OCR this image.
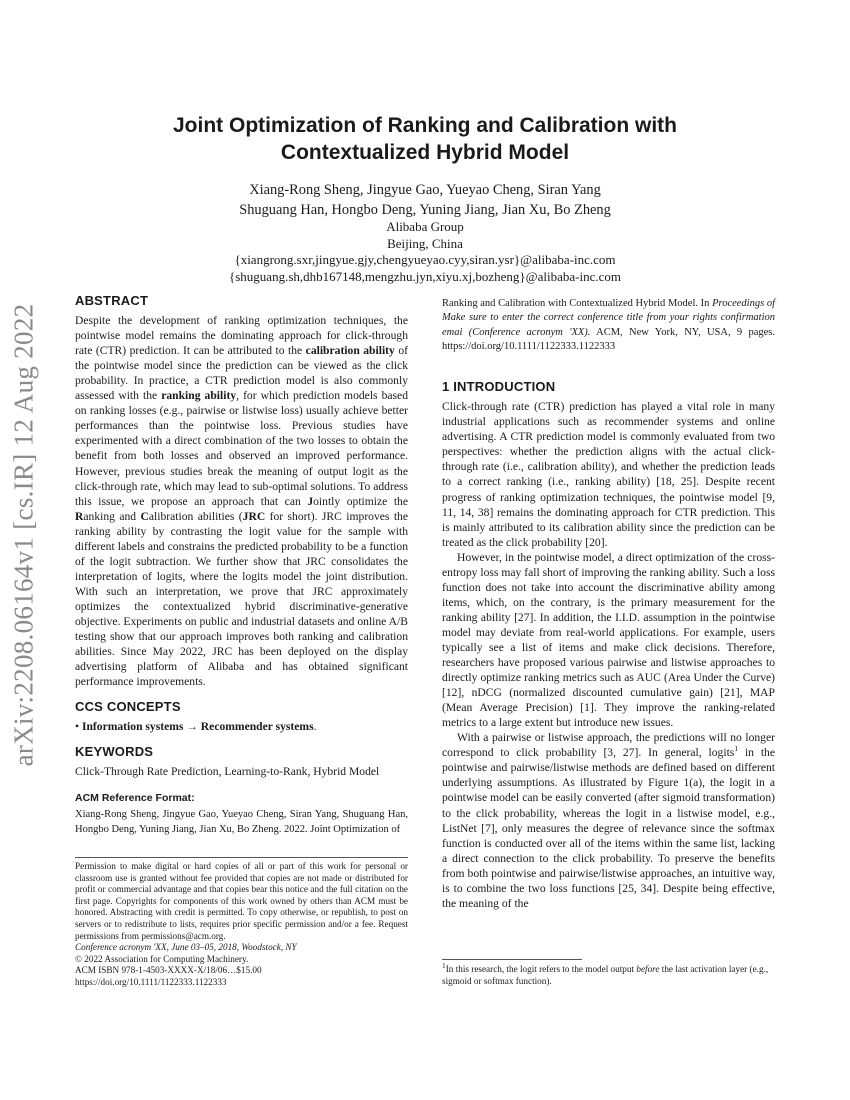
arXiv:2208.06164v1 [cs.IR] 12 Aug 2022
Joint Optimization of Ranking and Calibration with
Contextualized Hybrid Model
Xiang-Rong Sheng, Jingyue Gao, Yueyao Cheng, Siran Yang
Shuguang Han, Hongbo Deng, Yuning Jiang, Jian Xu, Bo Zheng
Alibaba Group
Beijing, China
{xiangrong.sxr,jingyue.gjy,chengyueyao.cyy,siran.ysr}@alibaba-inc.com
{shuguang.sh,dhb167148,mengzhu.jyn,xiyu.xj,bozheng}@alibaba-inc.com
ABSTRACT

Despite the development of ranking optimization techniques, the pointwise model remains the dominating approach for click-through rate (CTR) prediction. It can be attributed to the calibration ability of the pointwise model since the prediction can be viewed as the click probability. In practice, a CTR prediction model is also commonly assessed with the ranking ability, for which prediction models based on ranking losses (e.g., pairwise or listwise loss) usually achieve better performances than the pointwise loss. Previous studies have experimented with a direct combination of the two losses to obtain the benefit from both losses and observed an improved performance. However, previous studies break the meaning of output logit as the click-through rate, which may lead to sub-optimal solutions. To address this issue, we propose an approach that can Jointly optimize the Ranking and Calibration abilities (JRC for short). JRC improves the ranking ability by contrasting the logit value for the sample with different labels and constrains the predicted probability to be a function of the logit subtraction. We further show that JRC consolidates the interpretation of logits, where the logits model the joint distribution. With such an interpretation, we prove that JRC approximately optimizes the contextualized hybrid discriminative-generative objective. Experiments on public and industrial datasets and online A/B testing show that our approach improves both ranking and calibration abilities. Since May 2022, JRC has been deployed on the display advertising platform of Alibaba and has obtained significant performance improvements.

CCS CONCEPTS

• Information systems → Recommender systems.

KEYWORDS

Click-Through Rate Prediction, Learning-to-Rank, Hybrid Model

ACM Reference Format:

Xiang-Rong Sheng, Jingyue Gao, Yueyao Cheng, Siran Yang, Shuguang Han, Hongbo Deng, Yuning Jiang, Jian Xu, Bo Zheng. 2022. Joint Optimization of

Permission to make digital or hard copies of all or part of this work for personal or classroom use is granted without fee provided that copies are not made or distributed for profit or commercial advantage and that copies bear this notice and the full citation on the first page. Copyrights for components of this work owned by others than ACM must be honored. Abstracting with credit is permitted. To copy otherwise, or republish, to post on servers or to redistribute to lists, requires prior specific permission and/or a fee. Request permissions from permissions@acm.org.
Conference acronym 'XX, June 03–05, 2018, Woodstock, NY
© 2022 Association for Computing Machinery.
ACM ISBN 978-1-4503-XXXX-X/18/06…$15.00
https://doi.org/10.1111/1122333.1122333

Ranking and Calibration with Contextualized Hybrid Model. In Proceedings of Make sure to enter the correct conference title from your rights confirmation emai (Conference acronym 'XX). ACM, New York, NY, USA, 9 pages. https://doi.org/10.1111/1122333.1122333

1 INTRODUCTION

Click-through rate (CTR) prediction has played a vital role in many industrial applications such as recommender systems and online advertising. A CTR prediction model is commonly evaluated from two perspectives: whether the prediction aligns with the actual click-through rate (i.e., calibration ability), and whether the prediction leads to a correct ranking (i.e., ranking ability) [18, 25]. Despite recent progress of ranking optimization techniques, the pointwise model [9, 11, 14, 38] remains the dominating approach for CTR prediction. This is mainly attributed to its calibration ability since the prediction can be treated as the click probability [20].

However, in the pointwise model, a direct optimization of the cross-entropy loss may fall short of improving the ranking ability. Such a loss function does not take into account the discriminative ability among items, which, on the contrary, is the primary measurement for the ranking ability [27]. In addition, the I.I.D. assumption in the pointwise model may deviate from real-world applications. For example, users typically see a list of items and make click decisions. Therefore, researchers have proposed various pairwise and listwise approaches to directly optimize ranking metrics such as AUC (Area Under the Curve) [12], nDCG (normalized discounted cumulative gain) [21], MAP (Mean Average Precision) [1]. They improve the ranking-related metrics to a large extent but introduce new issues.

With a pairwise or listwise approach, the predictions will no longer correspond to click probability [3, 27]. In general, logits$^1$ in the pointwise and pairwise/listwise methods are defined based on different underlying assumptions. As illustrated by Figure 1(a), the logit in a pointwise model can be easily converted (after sigmoid transformation) to the click probability, whereas the logit in a listwise model, e.g., ListNet [7], only measures the degree of relevance since the softmax function is conducted over all of the items within the same list, lacking a direct connection to the click probability. To preserve the benefits from both pointwise and pairwise/listwise approaches, an intuitive way, is to combine the two loss functions [25, 34]. Despite being effective, the meaning of the

$^1$In this research, the logit refers to the model output before the last activation layer (e.g., sigmoid or softmax function).
